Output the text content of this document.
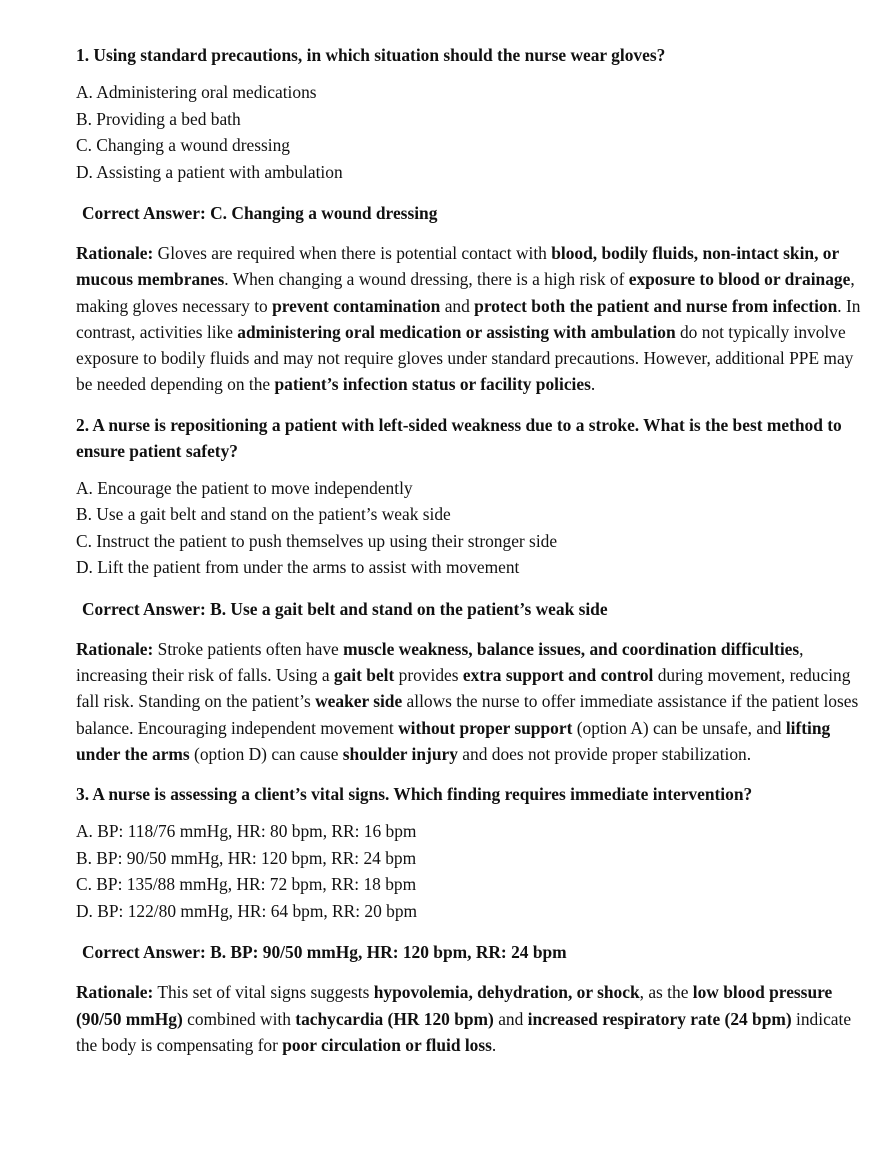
1. Using standard precautions, in which situation should the nurse wear gloves?

A. Administering oral medications
B. Providing a bed bath
C. Changing a wound dressing
D. Assisting a patient with ambulation

Correct Answer: C. Changing a wound dressing

Rationale: Gloves are required when there is potential contact with blood, bodily fluids, non-intact skin, or mucous membranes. When changing a wound dressing, there is a high risk of exposure to blood or drainage, making gloves necessary to prevent contamination and protect both the patient and nurse from infection. In contrast, activities like administering oral medication or assisting with ambulation do not typically involve exposure to bodily fluids and may not require gloves under standard precautions. However, additional PPE may be needed depending on the patient’s infection status or facility policies.

2. A nurse is repositioning a patient with left-sided weakness due to a stroke. What is the best method to ensure patient safety?

A. Encourage the patient to move independently
B. Use a gait belt and stand on the patient’s weak side
C. Instruct the patient to push themselves up using their stronger side
D. Lift the patient from under the arms to assist with movement

Correct Answer: B. Use a gait belt and stand on the patient’s weak side

Rationale: Stroke patients often have muscle weakness, balance issues, and coordination difficulties, increasing their risk of falls. Using a gait belt provides extra support and control during movement, reducing fall risk. Standing on the patient’s weaker side allows the nurse to offer immediate assistance if the patient loses balance. Encouraging independent movement without proper support (option A) can be unsafe, and lifting under the arms (option D) can cause shoulder injury and does not provide proper stabilization.

3. A nurse is assessing a client’s vital signs. Which finding requires immediate intervention?

A. BP: 118/76 mmHg, HR: 80 bpm, RR: 16 bpm
B. BP: 90/50 mmHg, HR: 120 bpm, RR: 24 bpm
C. BP: 135/88 mmHg, HR: 72 bpm, RR: 18 bpm
D. BP: 122/80 mmHg, HR: 64 bpm, RR: 20 bpm

Correct Answer: B. BP: 90/50 mmHg, HR: 120 bpm, RR: 24 bpm

Rationale: This set of vital signs suggests hypovolemia, dehydration, or shock, as the low blood pressure (90/50 mmHg) combined with tachycardia (HR 120 bpm) and increased respiratory rate (24 bpm) indicate the body is compensating for poor circulation or fluid loss.
